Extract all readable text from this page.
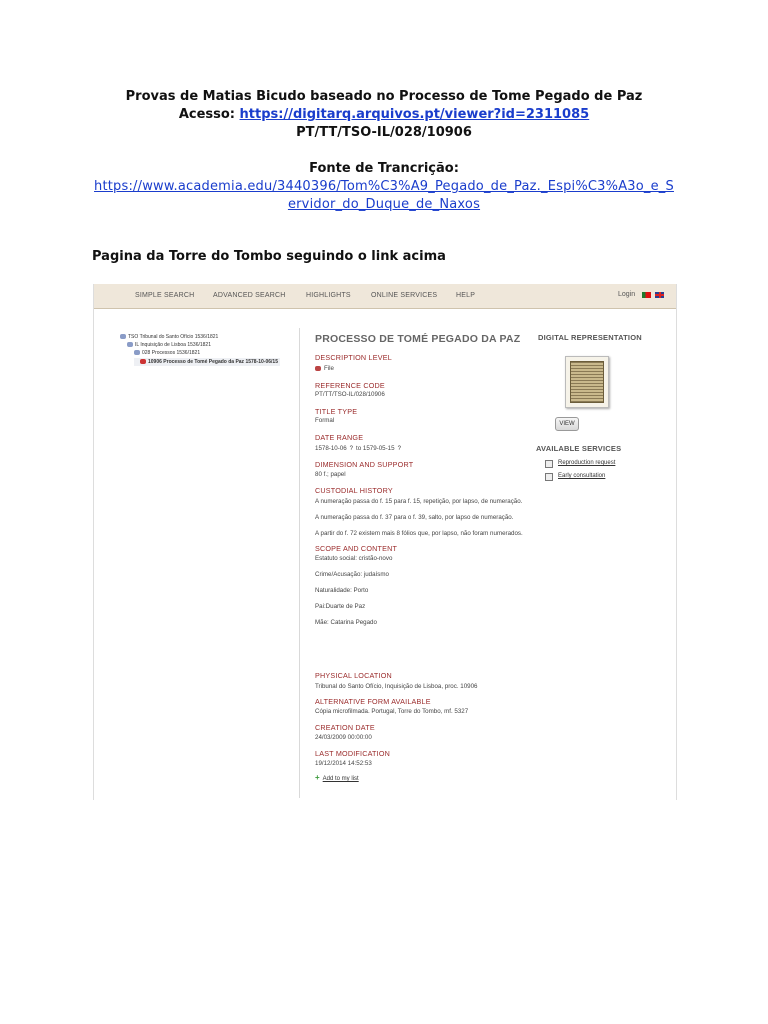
Provas de Matias Bicudo baseado no Processo de Tome Pegado de Paz
Acesso: https://digitarq.arquivos.pt/viewer?id=2311085
PT/TT/TSO-IL/028/10906
Fonte de Trancrição:
https://www.academia.edu/3440396/Tom%C3%A9_Pegado_de_Paz._Espi%C3%A3o_e_Servidor_do_Duque_de_Naxos
Pagina da Torre do Tombo seguindo o link acima
SIMPLE SEARCH	ADVANCED SEARCH	HIGHLIGHTS	ONLINE SERVICES	HELP	Login
TSO Tribunal do Santo Ofício 1536/1821
IL Inquisição de Lisboa 1536/1821
028 Processos 1536/1821
10906 Processo de Tomé Pegado da Paz 1578-10-06/15
PROCESSO DE TOMÉ PEGADO DA PAZ
DESCRIPTION LEVEL
File
REFERENCE CODE
PT/TT/TSO-IL/028/10906
TITLE TYPE
Formal
DATE RANGE
1578-10-06 ? to 1579-05-15 ?
DIMENSION AND SUPPORT
80 f.; papel
CUSTODIAL HISTORY
A numeração passa do f. 15 para f. 15, repetição, por lapso, de numeração.
A numeração passa do f. 37 para o f. 39, salto, por lapso de numeração.
A partir do f. 72 existem mais 8 fólios que, por lapso, não foram numerados.
SCOPE AND CONTENT
Estatuto social: cristão-novo
Crime/Acusação: judaísmo
Naturalidade: Porto
Pai:Duarte de Paz
Mãe: Catarina Pegado
PHYSICAL LOCATION
Tribunal do Santo Ofício, Inquisição de Lisboa, proc. 10906
ALTERNATIVE FORM AVAILABLE
Cópia microfilmada. Portugal, Torre do Tombo, mf. 5327
CREATION DATE
24/03/2009 00:00:00
LAST MODIFICATION
19/12/2014 14:52:53
+ Add to my list
DIGITAL REPRESENTATION
VIEW
AVAILABLE SERVICES
Reproduction request
Early consultation
